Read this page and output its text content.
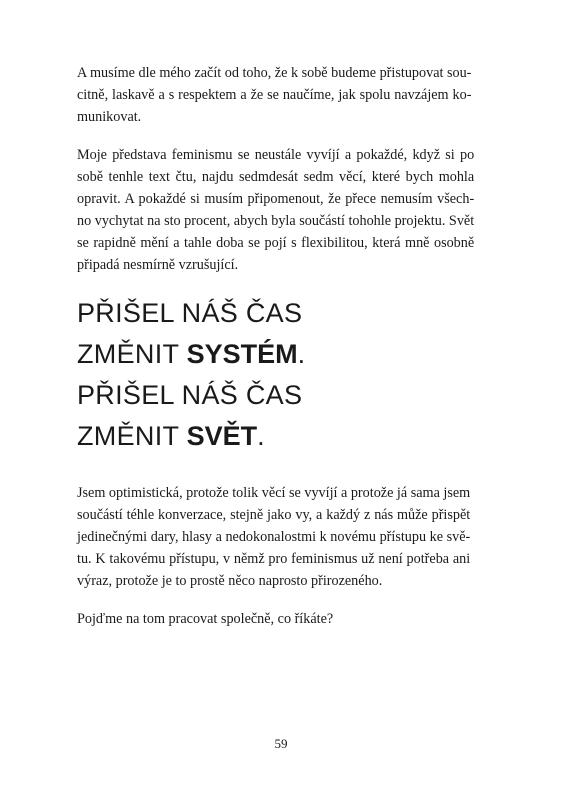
A musíme dle mého začít od toho, že k sobě budeme přistupovat sou-
citně, laskavě a s respektem a že se naučíme, jak spolu navzájem ko-
munikovat.

Moje představa feminismu se neustále vyvíjí a pokaždé, když si po
sobě tenhle text čtu, najdu sedmdesát sedm věcí, které bych mohla
opravit. A pokaždé si musím připomenout, že přece nemusím všech-
no vychytat na sto procent, abych byla součástí tohohle projektu. Svět
se rapidně mění a tahle doba se pojí s flexibilitou, která mně osobně
připadá nesmírně vzrušující.

PŘIŠEL NÁŠ ČAS
ZMĚNIT SYSTÉM.
PŘIŠEL NÁŠ ČAS
ZMĚNIT SVĚT.

Jsem optimistická, protože tolik věcí se vyvíjí a protože já sama jsem
součástí téhle konverzace, stejně jako vy, a každý z nás může přispět
jedinečnými dary, hlasy a nedokonalostmi k novému přístupu ke svě-
tu. K takovému přístupu, v němž pro feminismus už není potřeba ani
výraz, protože je to prostě něco naprosto přirozeného.

Pojďme na tom pracovat společně, co říkáte?

59
